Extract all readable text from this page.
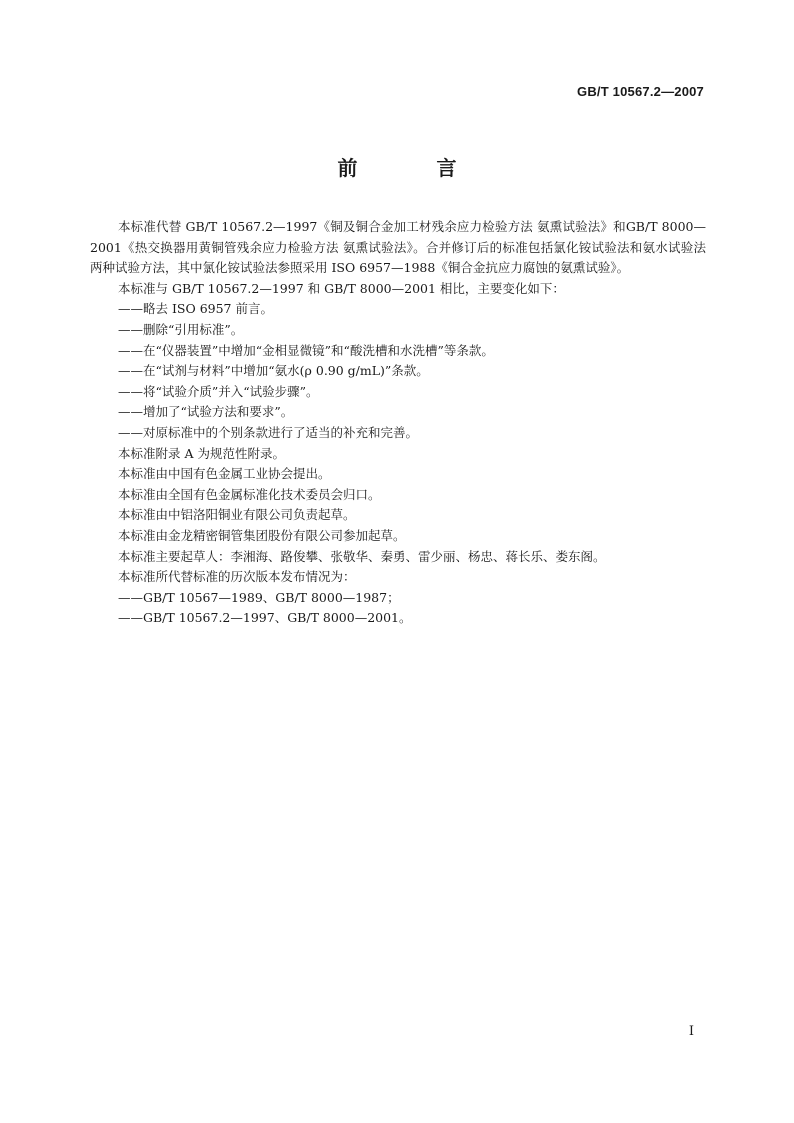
GB/T 10567.2—2007
前 言

本标准代替 GB/T 10567.2—1997《铜及铜合金加工材残余应力检验方法 氨熏试验法》和GB/T 8000—2001《热交换器用黄铜管残余应力检验方法 氨熏试验法》。合并修订后的标准包括氯化铵试验法和氨水试验法两种试验方法，其中氯化铵试验法参照采用 ISO 6957—1988《铜合金抗应力腐蚀的氨熏试验》。

本标准与 GB/T 10567.2—1997 和 GB/T 8000—2001 相比，主要变化如下：

——略去 ISO 6957 前言。

——删除“引用标准”。

——在“仪器装置”中增加“金相显微镜”和“酸洗槽和水洗槽”等条款。

——在“试剂与材料”中增加“氨水(ρ 0.90 g/mL)”条款。

——将“试验介质”并入“试验步骤”。

——增加了“试验方法和要求”。

——对原标准中的个别条款进行了适当的补充和完善。

本标准附录 A 为规范性附录。

本标准由中国有色金属工业协会提出。

本标准由全国有色金属标准化技术委员会归口。

本标准由中铝洛阳铜业有限公司负责起草。

本标准由金龙精密铜管集团股份有限公司参加起草。

本标准主要起草人：李湘海、路俊攀、张敬华、秦勇、雷少丽、杨忠、蒋长乐、娄东阁。

本标准所代替标准的历次版本发布情况为：

——GB/T 10567—1989、GB/T 8000—1987；

——GB/T 10567.2—1997、GB/T 8000—2001。

I
